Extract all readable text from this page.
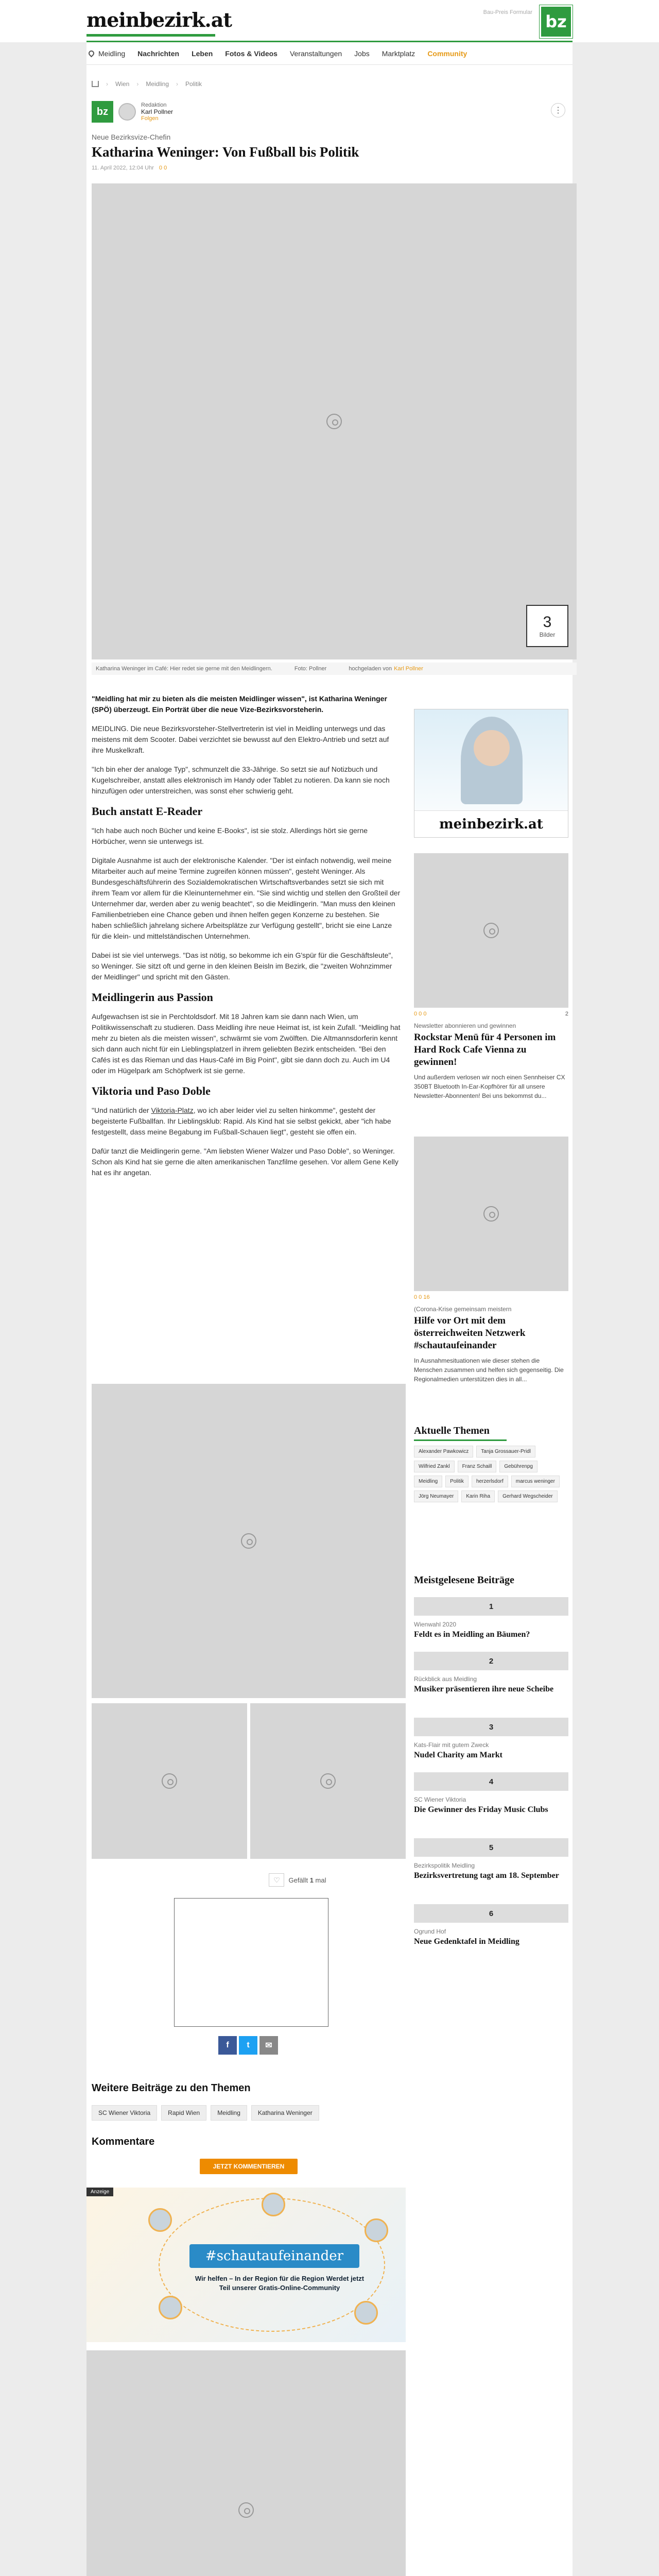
meinbezirk.at	Bau-Preis Formular bz
Meidling Nachrichten Leben Fotos & Videos Veranstaltungen Jobs Marktplatz Community
› Wien › Meidling › Politik
bz
Redaktion
Karl Pollner
Folgen
⋮
Neue Bezirksvize-Chefin
Katharina Weninger: Von Fußball bis Politik
11. April 2022, 12:04 Uhr 0 0
3
Bilder
Katharina Weninger im Café: Hier redet sie gerne mit den Meidlingern.	Foto: Pollner	hochgeladen von Karl Pollner

"Meidling hat mir zu bieten als die meisten Meidlinger wissen", ist Katharina Weninger (SPÖ) überzeugt. Ein Porträt über die neue Vize-Bezirksvorsteherin.

MEIDLING. Die neue Bezirksvorsteher-Stellvertreterin ist viel in Meidling unterwegs und das meistens mit dem Scooter. Dabei verzichtet sie bewusst auf den Elektro-Antrieb und setzt auf ihre Muskelkraft.

"Ich bin eher der analoge Typ", schmunzelt die 33-Jährige. So setzt sie auf Notizbuch und Kugelschreiber, anstatt alles elektronisch im Handy oder Tablet zu notieren. Da kann sie noch hinzufügen oder unterstreichen, was sonst eher schwierig geht.

Buch anstatt E-Reader

"Ich habe auch noch Bücher und keine E-Books", ist sie stolz. Allerdings hört sie gerne Hörbücher, wenn sie unterwegs ist.

Digitale Ausnahme ist auch der elektronische Kalender. "Der ist einfach notwendig, weil meine Mitarbeiter auch auf meine Termine zugreifen können müssen", gesteht Weninger. Als Bundesgeschäftsführerin des Sozialdemokratischen Wirtschaftsverbandes setzt sie sich mit ihrem Team vor allem für die Kleinunternehmer ein. "Sie sind wichtig und stellen den Großteil der Unternehmer dar, werden aber zu wenig beachtet", so die Meidlingerin. "Man muss den kleinen Familienbetrieben eine Chance geben und ihnen helfen gegen Konzerne zu bestehen. Sie haben schließlich jahrelang sichere Arbeitsplätze zur Verfügung gestellt", bricht sie eine Lanze für die klein- und mittelständischen Unternehmen.

Dabei ist sie viel unterwegs. "Das ist nötig, so bekomme ich ein G'spür für die Geschäftsleute", so Weninger. Sie sitzt oft und gerne in den kleinen Beisln im Bezirk, die "zweiten Wohnzimmer der Meidlinger" und spricht mit den Gästen.

Meidlingerin aus Passion

Aufgewachsen ist sie in Perchtoldsdorf. Mit 18 Jahren kam sie dann nach Wien, um Politikwissenschaft zu studieren. Dass Meidling ihre neue Heimat ist, ist kein Zufall. "Meidling hat mehr zu bieten als die meisten wissen", schwärmt sie vom Zwölften. Die Altmannsdorferin kennt sich dann auch nicht für ein Lieblingsplatzerl in ihrem geliebten Bezirk entscheiden. "Bei den Cafés ist es das Rieman und das Haus-Café im Big Point", gibt sie dann doch zu. Auch im U4 oder im Hügelpark am Schöpfwerk ist sie gerne.

Viktoria und Paso Doble

"Und natürlich der Viktoria-Platz, wo ich aber leider viel zu selten hinkomme", gesteht der begeisterte Fußballfan. Ihr Lieblingsklub: Rapid. Als Kind hat sie selbst gekickt, aber "ich habe festgestellt, dass meine Begabung im Fußball-Schauen liegt", gesteht sie offen ein.

Dafür tanzt die Meidlingerin gerne. "Am liebsten Wiener Walzer und Paso Doble", so Weninger. Schon als Kind hat sie gerne die alten amerikanischen Tanzfilme gesehen. Vor allem Gene Kelly hat es ihr angetan.

♡	Gefällt
1
mal
f	t	✉
Weitere Beiträge zu den Themen
SC Wiener Viktoria	Rapid Wien	Meidling	Katharina Weninger
Kommentare
JETZT KOMMENTIEREN
Anzeige
#schautaufeinander
Wir helfen – In der Region für die Region Werdet jetzt Teil unserer Gratis-Online-Community
meinbezirk.at
0 0 0	2
Newsletter abonnieren und gewinnen
Rockstar Menü für 4 Personen im Hard Rock Cafe Vienna zu gewinnen!
Und außerdem verlosen wir noch einen Sennheiser CX 350BT Bluetooth In-Ear-Kopfhörer für all unsere Newsletter-Abonnenten! Bei uns bekommst du...
0 0 16
(Corona-Krise gemeinsam meistern
Hilfe vor Ort mit dem österreichweiten Netzwerk #schautaufeinander
In Ausnahmesituationen wie dieser stehen die Menschen zusammen und helfen sich gegenseitig. Die Regionalmedien unterstützen dies in all...
Aktuelle Themen
Alexander Pawkowicz	Tanja Grossauer-Pridl
Wilfried Zankl	Franz Schaill	Gebührenpg
Meidling	Politik	herzerlsdorf	marcus weninger
Jörg Neumayer	Karin Riha	Gerhard Wegscheider
Meistgelesene Beiträge
1
Wienwahl 2020
Feldt es in Meidling an Bäumen?
2
Rückblick aus Meidling
Musiker präsentieren ihre neue Scheibe
3
Kats-Flair mit gutem Zweck
Nudel Charity am Markt
4
SC Wiener Viktoria
Die Gewinner des Friday Music Clubs
5
Bezirkspolitik Meidling
Bezirksvertretung tagt am 18. September
6
Ogrund Hof
Neue Gedenktafel in Meidling
